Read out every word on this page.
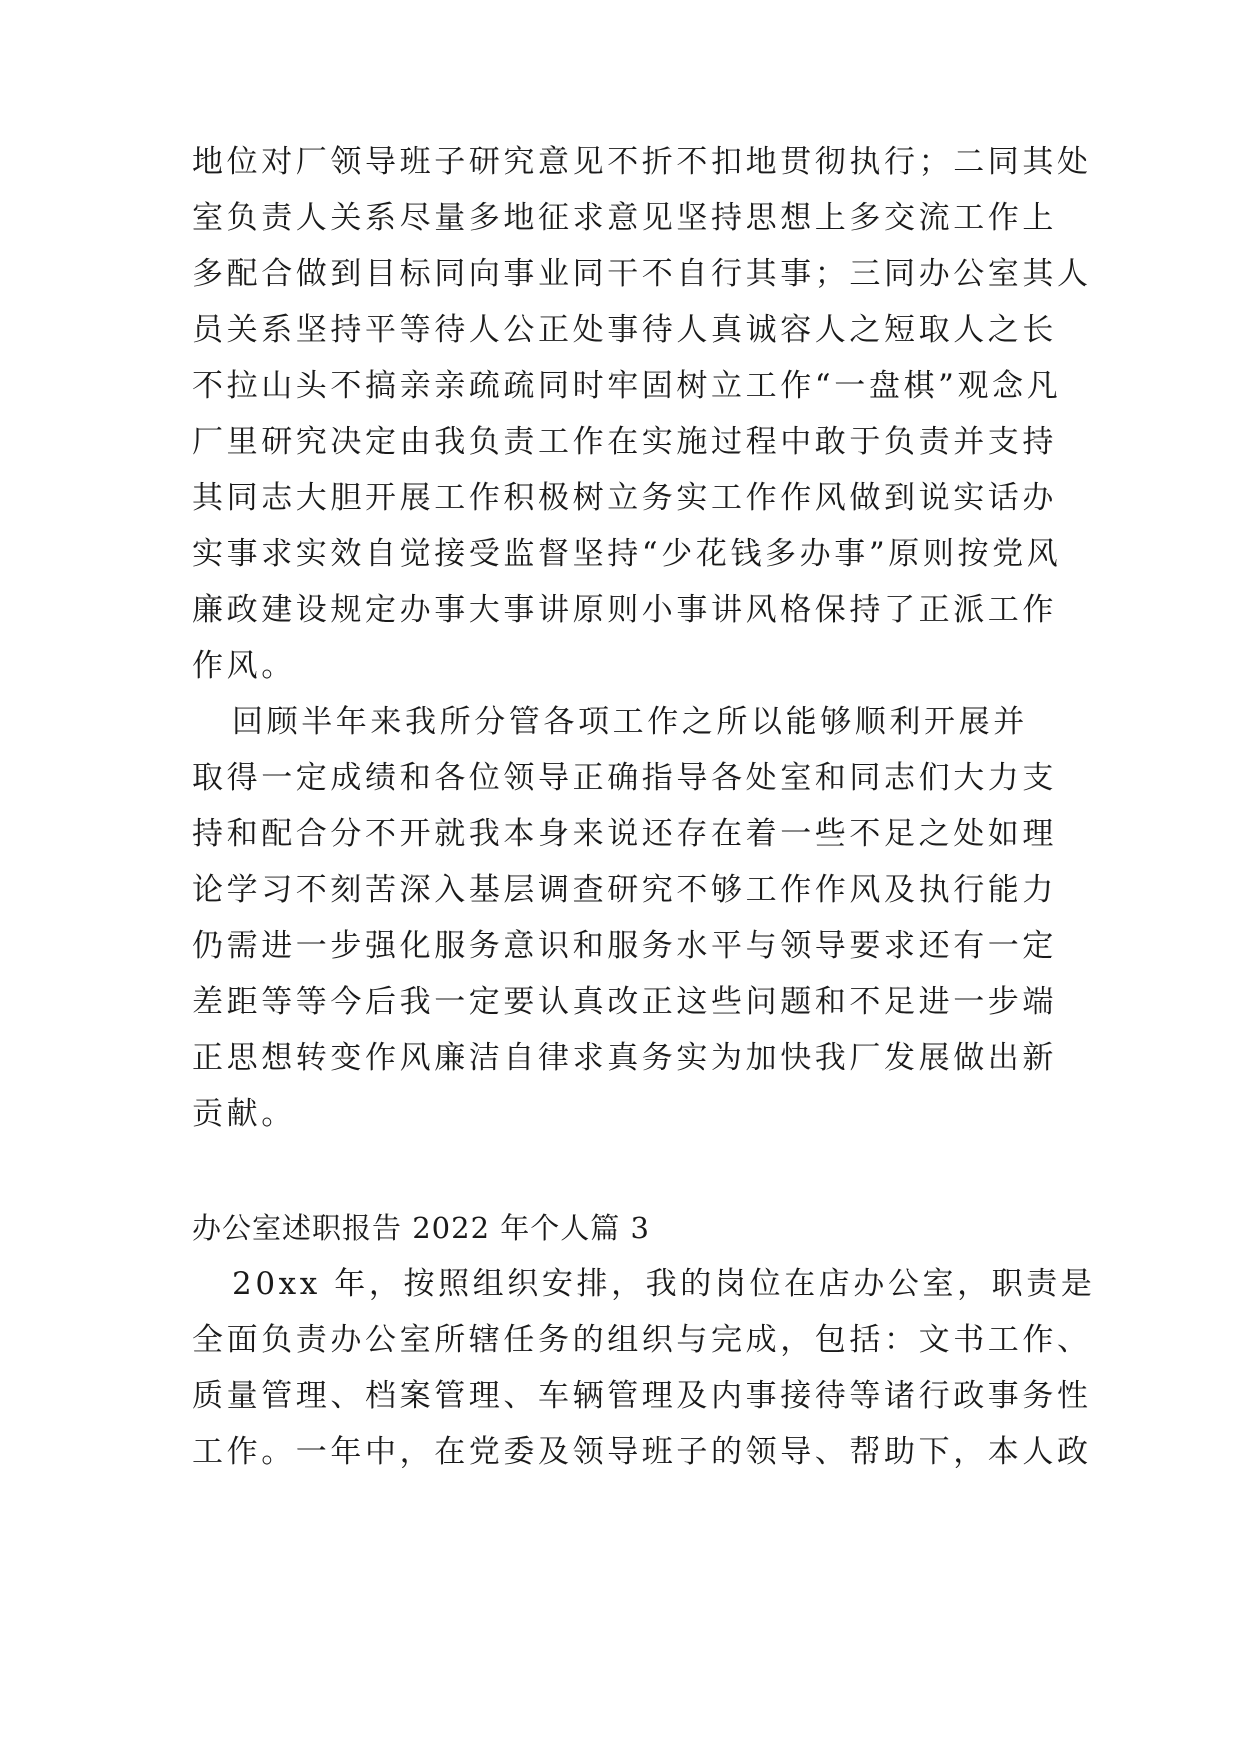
地位对厂领导班子研究意见不折不扣地贯彻执行；二同其处
室负责人关系尽量多地征求意见坚持思想上多交流工作上
多配合做到目标同向事业同干不自行其事；三同办公室其人
员关系坚持平等待人公正处事待人真诚容人之短取人之长
不拉山头不搞亲亲疏疏同时牢固树立工作“一盘棋”观念凡
厂里研究决定由我负责工作在实施过程中敢于负责并支持
其同志大胆开展工作积极树立务实工作作风做到说实话办
实事求实效自觉接受监督坚持“少花钱多办事”原则按党风
廉政建设规定办事大事讲原则小事讲风格保持了正派工作
作风。
回顾半年来我所分管各项工作之所以能够顺利开展并
取得一定成绩和各位领导正确指导各处室和同志们大力支
持和配合分不开就我本身来说还存在着一些不足之处如理
论学习不刻苦深入基层调查研究不够工作作风及执行能力
仍需进一步强化服务意识和服务水平与领导要求还有一定
差距等等今后我一定要认真改正这些问题和不足进一步端
正思想转变作风廉洁自律求真务实为加快我厂发展做出新
贡献。
办公室述职报告 2022 年个人篇 3
20xx 年，按照组织安排，我的岗位在店办公室，职责是
全面负责办公室所辖任务的组织与完成，包括：文书工作、
质量管理、档案管理、车辆管理及内事接待等诸行政事务性
工作。一年中，在党委及领导班子的领导、帮助下，本人政
